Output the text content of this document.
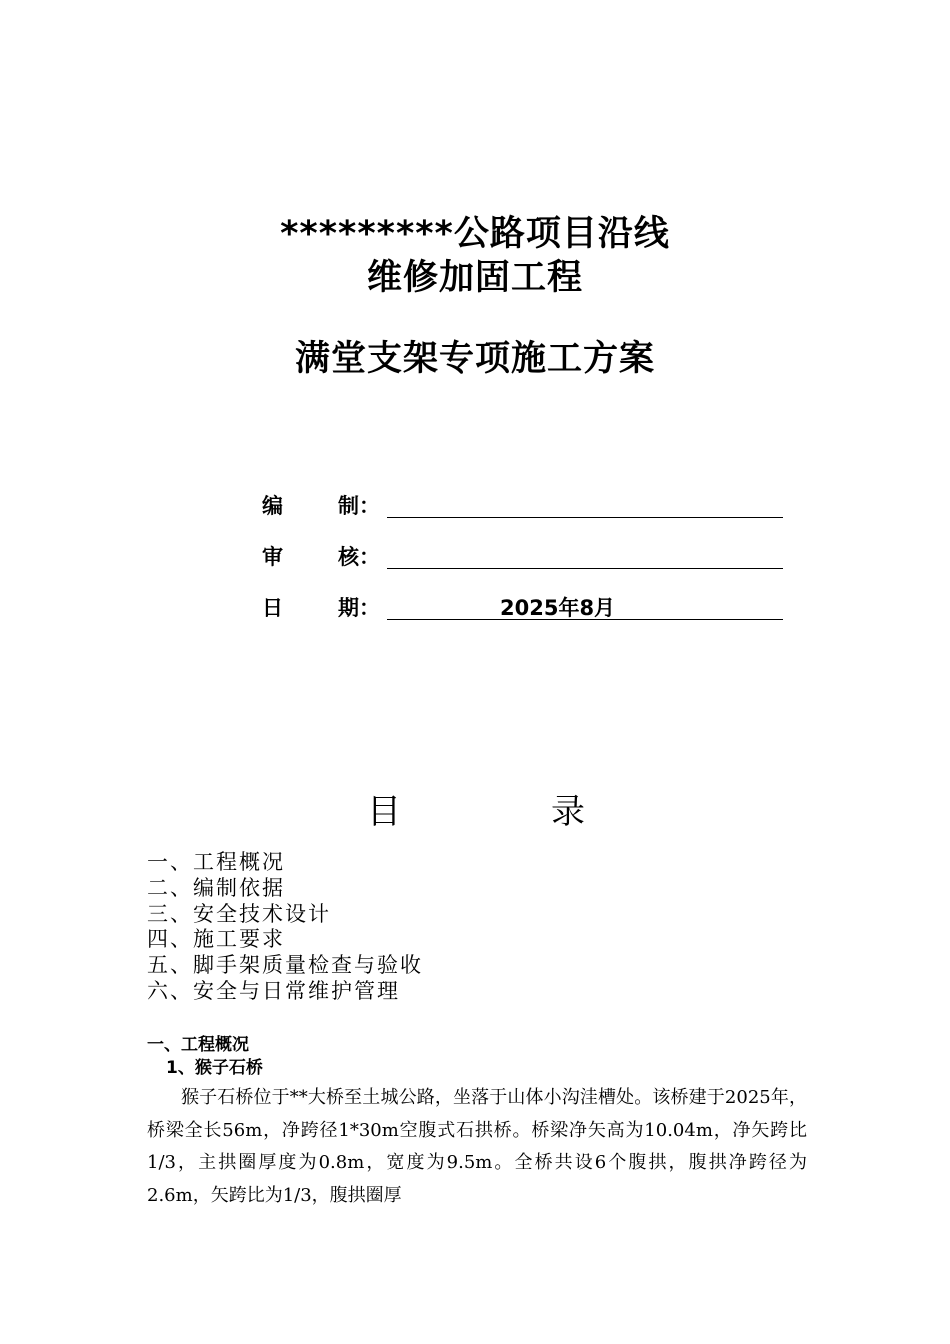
*********公路项目沿线
维修加固工程
满堂支架专项施工方案
编	制：
审	核：
日	期：	2025年8月
目	录
一、工程概况
二、编制依据
三、安全技术设计
四、施工要求
五、脚手架质量检查与验收
六、安全与日常维护管理
一、工程概况
1、猴子石桥

猴子石桥位于**大桥至土城公路，坐落于山体小沟洼槽处。该桥建于2025年，桥梁全长56m，净跨径1*30m空腹式石拱桥。桥梁净矢高为10.04m，净矢跨比1/3，主拱圈厚度为0.8m，宽度为9.5m。全桥共设6个腹拱，腹拱净跨径为2.6m，矢跨比为1/3，腹拱圈厚
